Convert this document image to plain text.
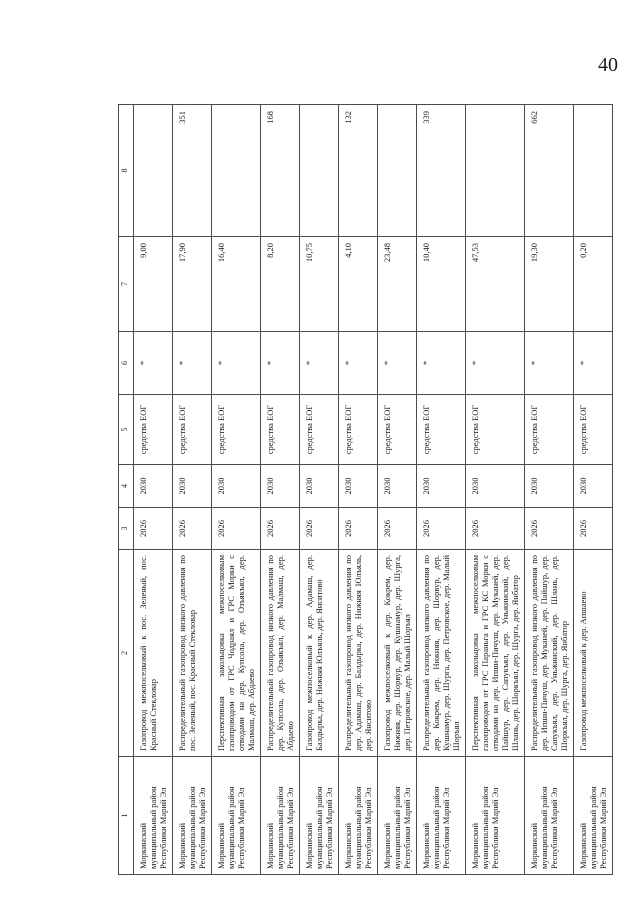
40
1	2	3	4	5	6	7	8
Моркинский муниципальный район Республики Марий Эл	Газопровод межпоселковый к пос. Зеленый, пос. Красный Стекловар	2026	2030	средства ЕОГ	*	9,00	
Моркинский муниципальный район Республики Марий Эл	Распределительный газопровод низкого давления по пос. Зеленый, пос. Красный Стекловар	2026	2030	средства ЕОГ	*	17,90	351
Моркинский муниципальный район Республики Марий Эл	Перспективная закольцовка межпоселковым газопроводом от ГРС Чодраял и ГРС Морки с отводами на дер. Купсола, дер. Озъякъял, дер. Малмаш, дер. Абдаево	2026	2030	средства ЕОГ	*	16,40	
Моркинский муниципальный район Республики Марий Эл	Распределительный газопровод низкого давления по дер. Купсола, дер. Озъякъял, дер. Малмаш, дер. Абдаево	2026	2030	средства ЕОГ	*	8,20	168
Моркинский муниципальный район Республики Марий Эл	Газопровод межпоселковый к дер. Адамаш, дер. Балдырка, дер. Нижняя Юлъяль, дер. Янситово	2026	2030	средства ЕОГ	*	10,75	
Моркинский муниципальный район Республики Марий Эл	Распределительный газопровод низкого давления по дер. Адамаш, дер. Балдырка, дер. Нижняя Юлъяль, дер. Янситово	2026	2030	средства ЕОГ	*	4,10	132
Моркинский муниципальный район Республики Марий Эл	Газопровод межпоселковый к дер. Кокрем, дер. Нижняя, дер. Шорвур, дер. Кушнамур, дер. Шурга, дер. Петровское, дер. Малый Шоръял	2026	2030	средства ЕОГ	*	23,48	
Моркинский муниципальный район Республики Марий Эл	Распределительный газопровод низкого давления по дер. Кокрем, дер. Нижняя, дер. Шорвур, дер. Кушнамур, дер. Шурга, дер. Петровское, дер. Малый Шоръял	2026	2030	средства ЕОГ	*	10,40	339
Моркинский муниципальный район Республики Марий Эл	Перспективная закольцовка межпоселковым газопроводом от ГРС Параньга и ГРС КС Морки с отводами на дер. Ипши-Пичуш, дер. Муканей, дер. Пайшур, дер. Сапукъял, дер. Уньжинский, дер. Шлань, дер. Шоркъял, дер. Шурга, дер. Янбатор	2026	2030	средства ЕОГ	*	47,53	
Моркинский муниципальный район Республики Марий Эл	Распределительный газопровод низкого давления по дер. Ипши-Пичуш, дер. Муканей, дер. Пайшур, дер. Сапукъял, дер. Уньжинский, дер. Шлань, дер. Шоркъял, дер. Шурга, дер. Янбатор	2026	2030	средства ЕОГ	*	19,30	662
Моркинский муниципальный район Республики Марий Эл	Газопровод межпоселковый к дер. Апшаево	2026	2030	средства ЕОГ	*	0,20	
